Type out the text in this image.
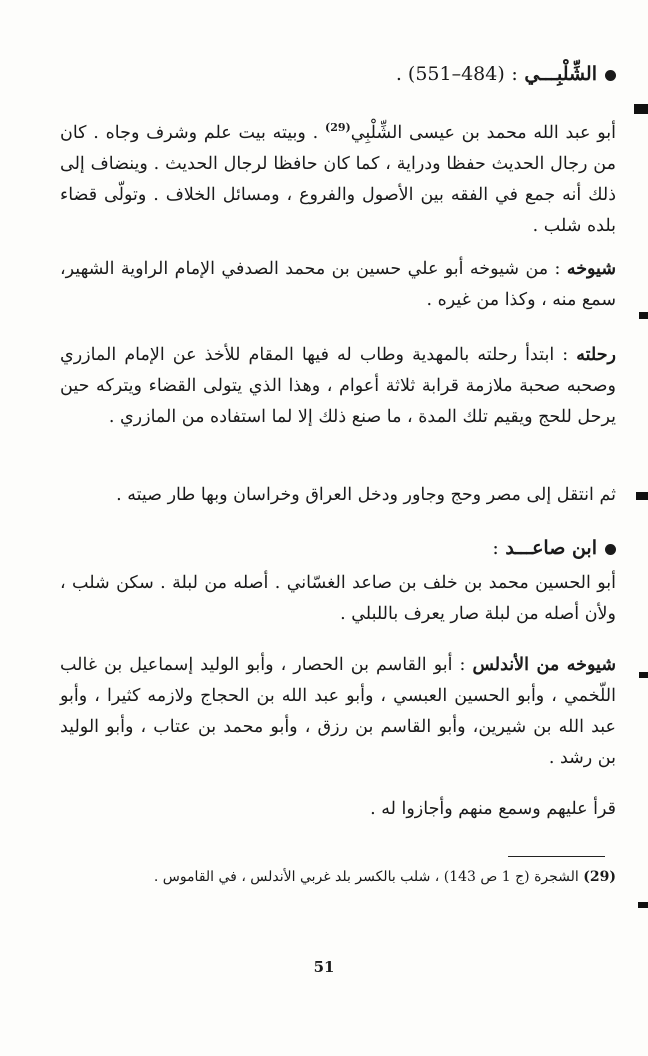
الشِّلْبِـــي : (484–551) .

أبو عبد الله محمد بن عيسى الشِّلْبِي$^{(29)}$ . وبيته بيت علم وشرف وجاه . كان من رجال الحديث حفظا ودراية ، كما كان حافظا لرجال الحديث . وينضاف إلى ذلك أنه جمع في الفقه بين الأصول والفروع ، ومسائل الخلاف . وتولّى قضاء بلده شلب .

شيوخه : من شيوخه أبو علي حسين بن محمد الصدفي الإمام الراوية الشهير، سمع منه ، وكذا من غيره .

رحلته : ابتدأ رحلته بالمهدية وطاب له فيها المقام للأخذ عن الإمام المازري وصحبه صحبة ملازمة قرابة ثلاثة أعوام ، وهذا الذي يتولى القضاء ويتركه حين يرحل للحج ويقيم تلك المدة ، ما صنع ذلك إلا لما استفاده من المازري .

ثم انتقل إلى مصر وحج وجاور ودخل العراق وخراسان وبها طار صيته .

ابن صاعـــد :

أبو الحسين محمد بن خلف بن صاعد الغسّاني . أصله من لبلة . سكن شلب ، ولأن أصله من لبلة صار يعرف باللبلي .

شيوخه من الأندلس : أبو القاسم بن الحصار ، وأبو الوليد إسماعيل بن غالب اللّخمي ، وأبو الحسين العبسي ، وأبو عبد الله بن الحجاج ولازمه كثيرا ، وأبو عبد الله بن شيرين، وأبو القاسم بن رزق ، وأبو محمد بن عتاب ، وأبو الوليد بن رشد .

قرأ عليهم وسمع منهم وأجازوا له .

(29) الشجرة (ج 1 ص 143) ، شلب بالكسر بلد غربي الأندلس ، في القاموس .
51
